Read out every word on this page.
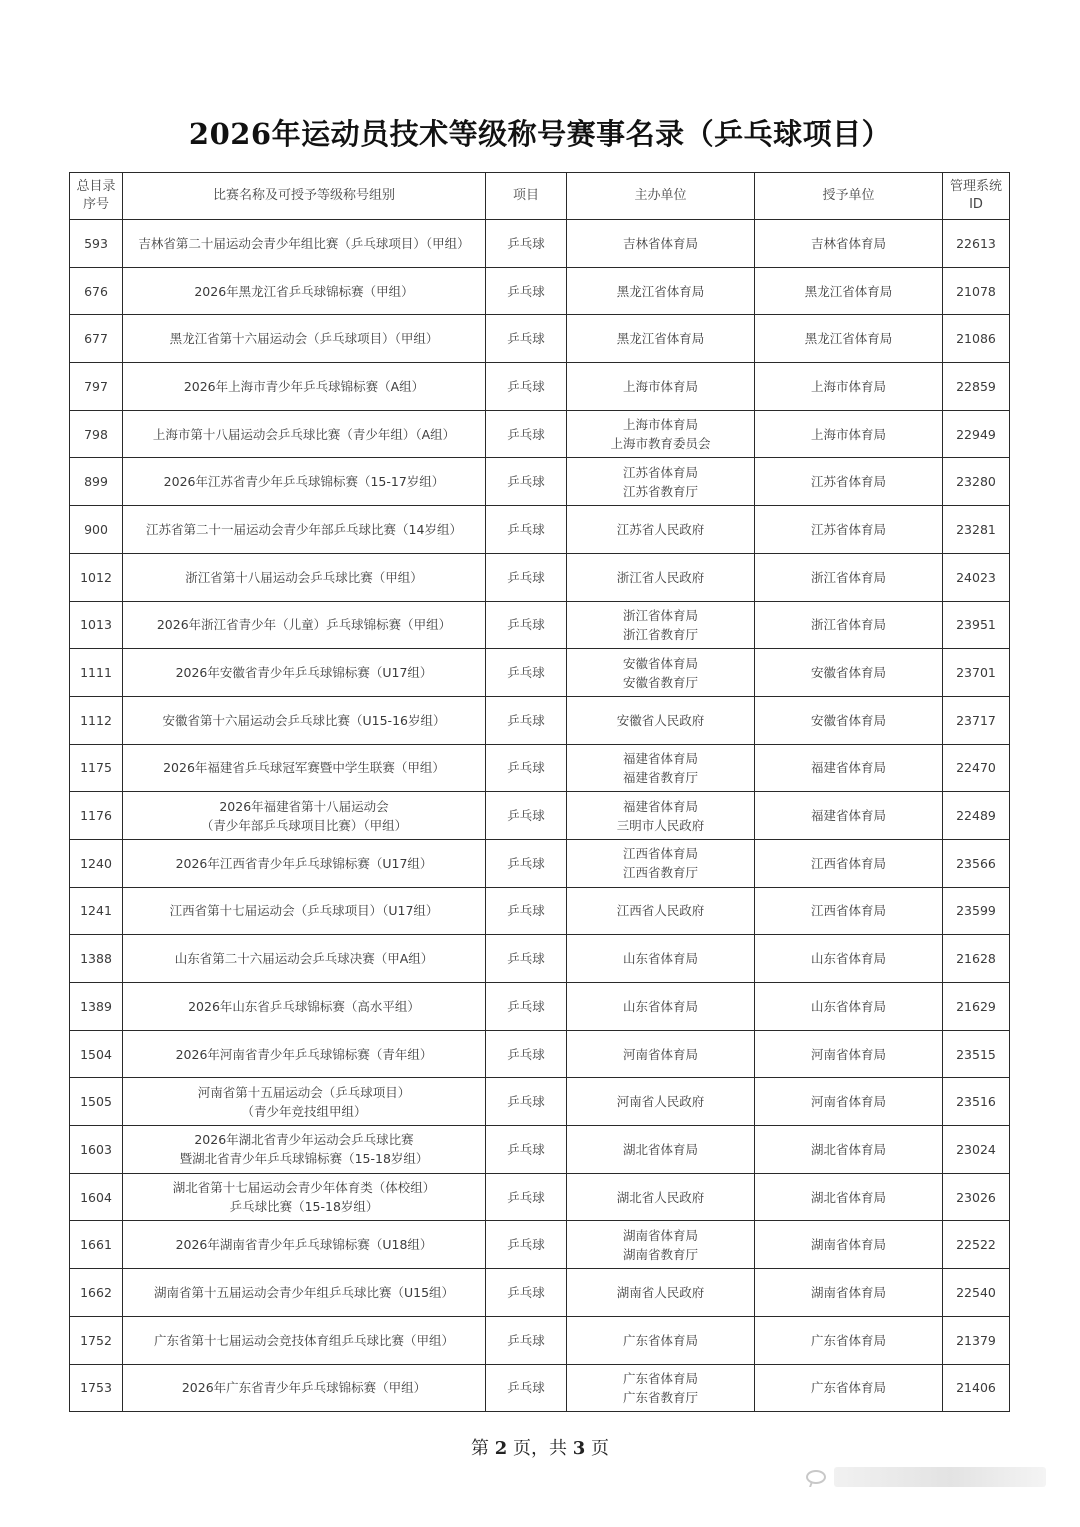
2026年运动员技术等级称号赛事名录（乒乓球项目）
总目录
序号	比赛名称及可授予等级称号组别	项目	主办单位	授予单位	管理系统
ID

593	吉林省第二十届运动会青少年组比赛（乒乓球项目）（甲组）	乒乓球	吉林省体育局	吉林省体育局	22613
676	2026年黑龙江省乒乓球锦标赛（甲组）	乒乓球	黑龙江省体育局	黑龙江省体育局	21078
677	黑龙江省第十六届运动会（乒乓球项目）（甲组）	乒乓球	黑龙江省体育局	黑龙江省体育局	21086
797	2026年上海市青少年乒乓球锦标赛（A组）	乒乓球	上海市体育局	上海市体育局	22859
798	上海市第十八届运动会乒乓球比赛（青少年组）（A组）	乒乓球	上海市体育局
上海市教育委员会	上海市体育局	22949
899	2026年江苏省青少年乒乓球锦标赛（15-17岁组）	乒乓球	江苏省体育局
江苏省教育厅	江苏省体育局	23280
900	江苏省第二十一届运动会青少年部乒乓球比赛（14岁组）	乒乓球	江苏省人民政府	江苏省体育局	23281
1012	浙江省第十八届运动会乒乓球比赛（甲组）	乒乓球	浙江省人民政府	浙江省体育局	24023
1013	2026年浙江省青少年（儿童）乒乓球锦标赛（甲组）	乒乓球	浙江省体育局
浙江省教育厅	浙江省体育局	23951
1111	2026年安徽省青少年乒乓球锦标赛（U17组）	乒乓球	安徽省体育局
安徽省教育厅	安徽省体育局	23701
1112	安徽省第十六届运动会乒乓球比赛（U15-16岁组）	乒乓球	安徽省人民政府	安徽省体育局	23717
1175	2026年福建省乒乓球冠军赛暨中学生联赛（甲组）	乒乓球	福建省体育局
福建省教育厅	福建省体育局	22470
1176	2026年福建省第十八届运动会
（青少年部乒乓球项目比赛）（甲组）	乒乓球	福建省体育局
三明市人民政府	福建省体育局	22489
1240	2026年江西省青少年乒乓球锦标赛（U17组）	乒乓球	江西省体育局
江西省教育厅	江西省体育局	23566
1241	江西省第十七届运动会（乒乓球项目）（U17组）	乒乓球	江西省人民政府	江西省体育局	23599
1388	山东省第二十六届运动会乒乓球决赛（甲A组）	乒乓球	山东省体育局	山东省体育局	21628
1389	2026年山东省乒乓球锦标赛（高水平组）	乒乓球	山东省体育局	山东省体育局	21629
1504	2026年河南省青少年乒乓球锦标赛（青年组）	乒乓球	河南省体育局	河南省体育局	23515
1505	河南省第十五届运动会（乒乓球项目）
（青少年竞技组甲组）	乒乓球	河南省人民政府	河南省体育局	23516
1603	2026年湖北省青少年运动会乒乓球比赛
暨湖北省青少年乒乓球锦标赛（15-18岁组）	乒乓球	湖北省体育局	湖北省体育局	23024
1604	湖北省第十七届运动会青少年体育类（体校组）
乒乓球比赛（15-18岁组）	乒乓球	湖北省人民政府	湖北省体育局	23026
1661	2026年湖南省青少年乒乓球锦标赛（U18组）	乒乓球	湖南省体育局
湖南省教育厅	湖南省体育局	22522
1662	湖南省第十五届运动会青少年组乒乓球比赛（U15组）	乒乓球	湖南省人民政府	湖南省体育局	22540
1752	广东省第十七届运动会竞技体育组乒乓球比赛（甲组）	乒乓球	广东省体育局	广东省体育局	21379
1753	2026年广东省青少年乒乓球锦标赛（甲组）	乒乓球	广东省体育局
广东省教育厅	广东省体育局	21406
第 2 页，共 3 页
